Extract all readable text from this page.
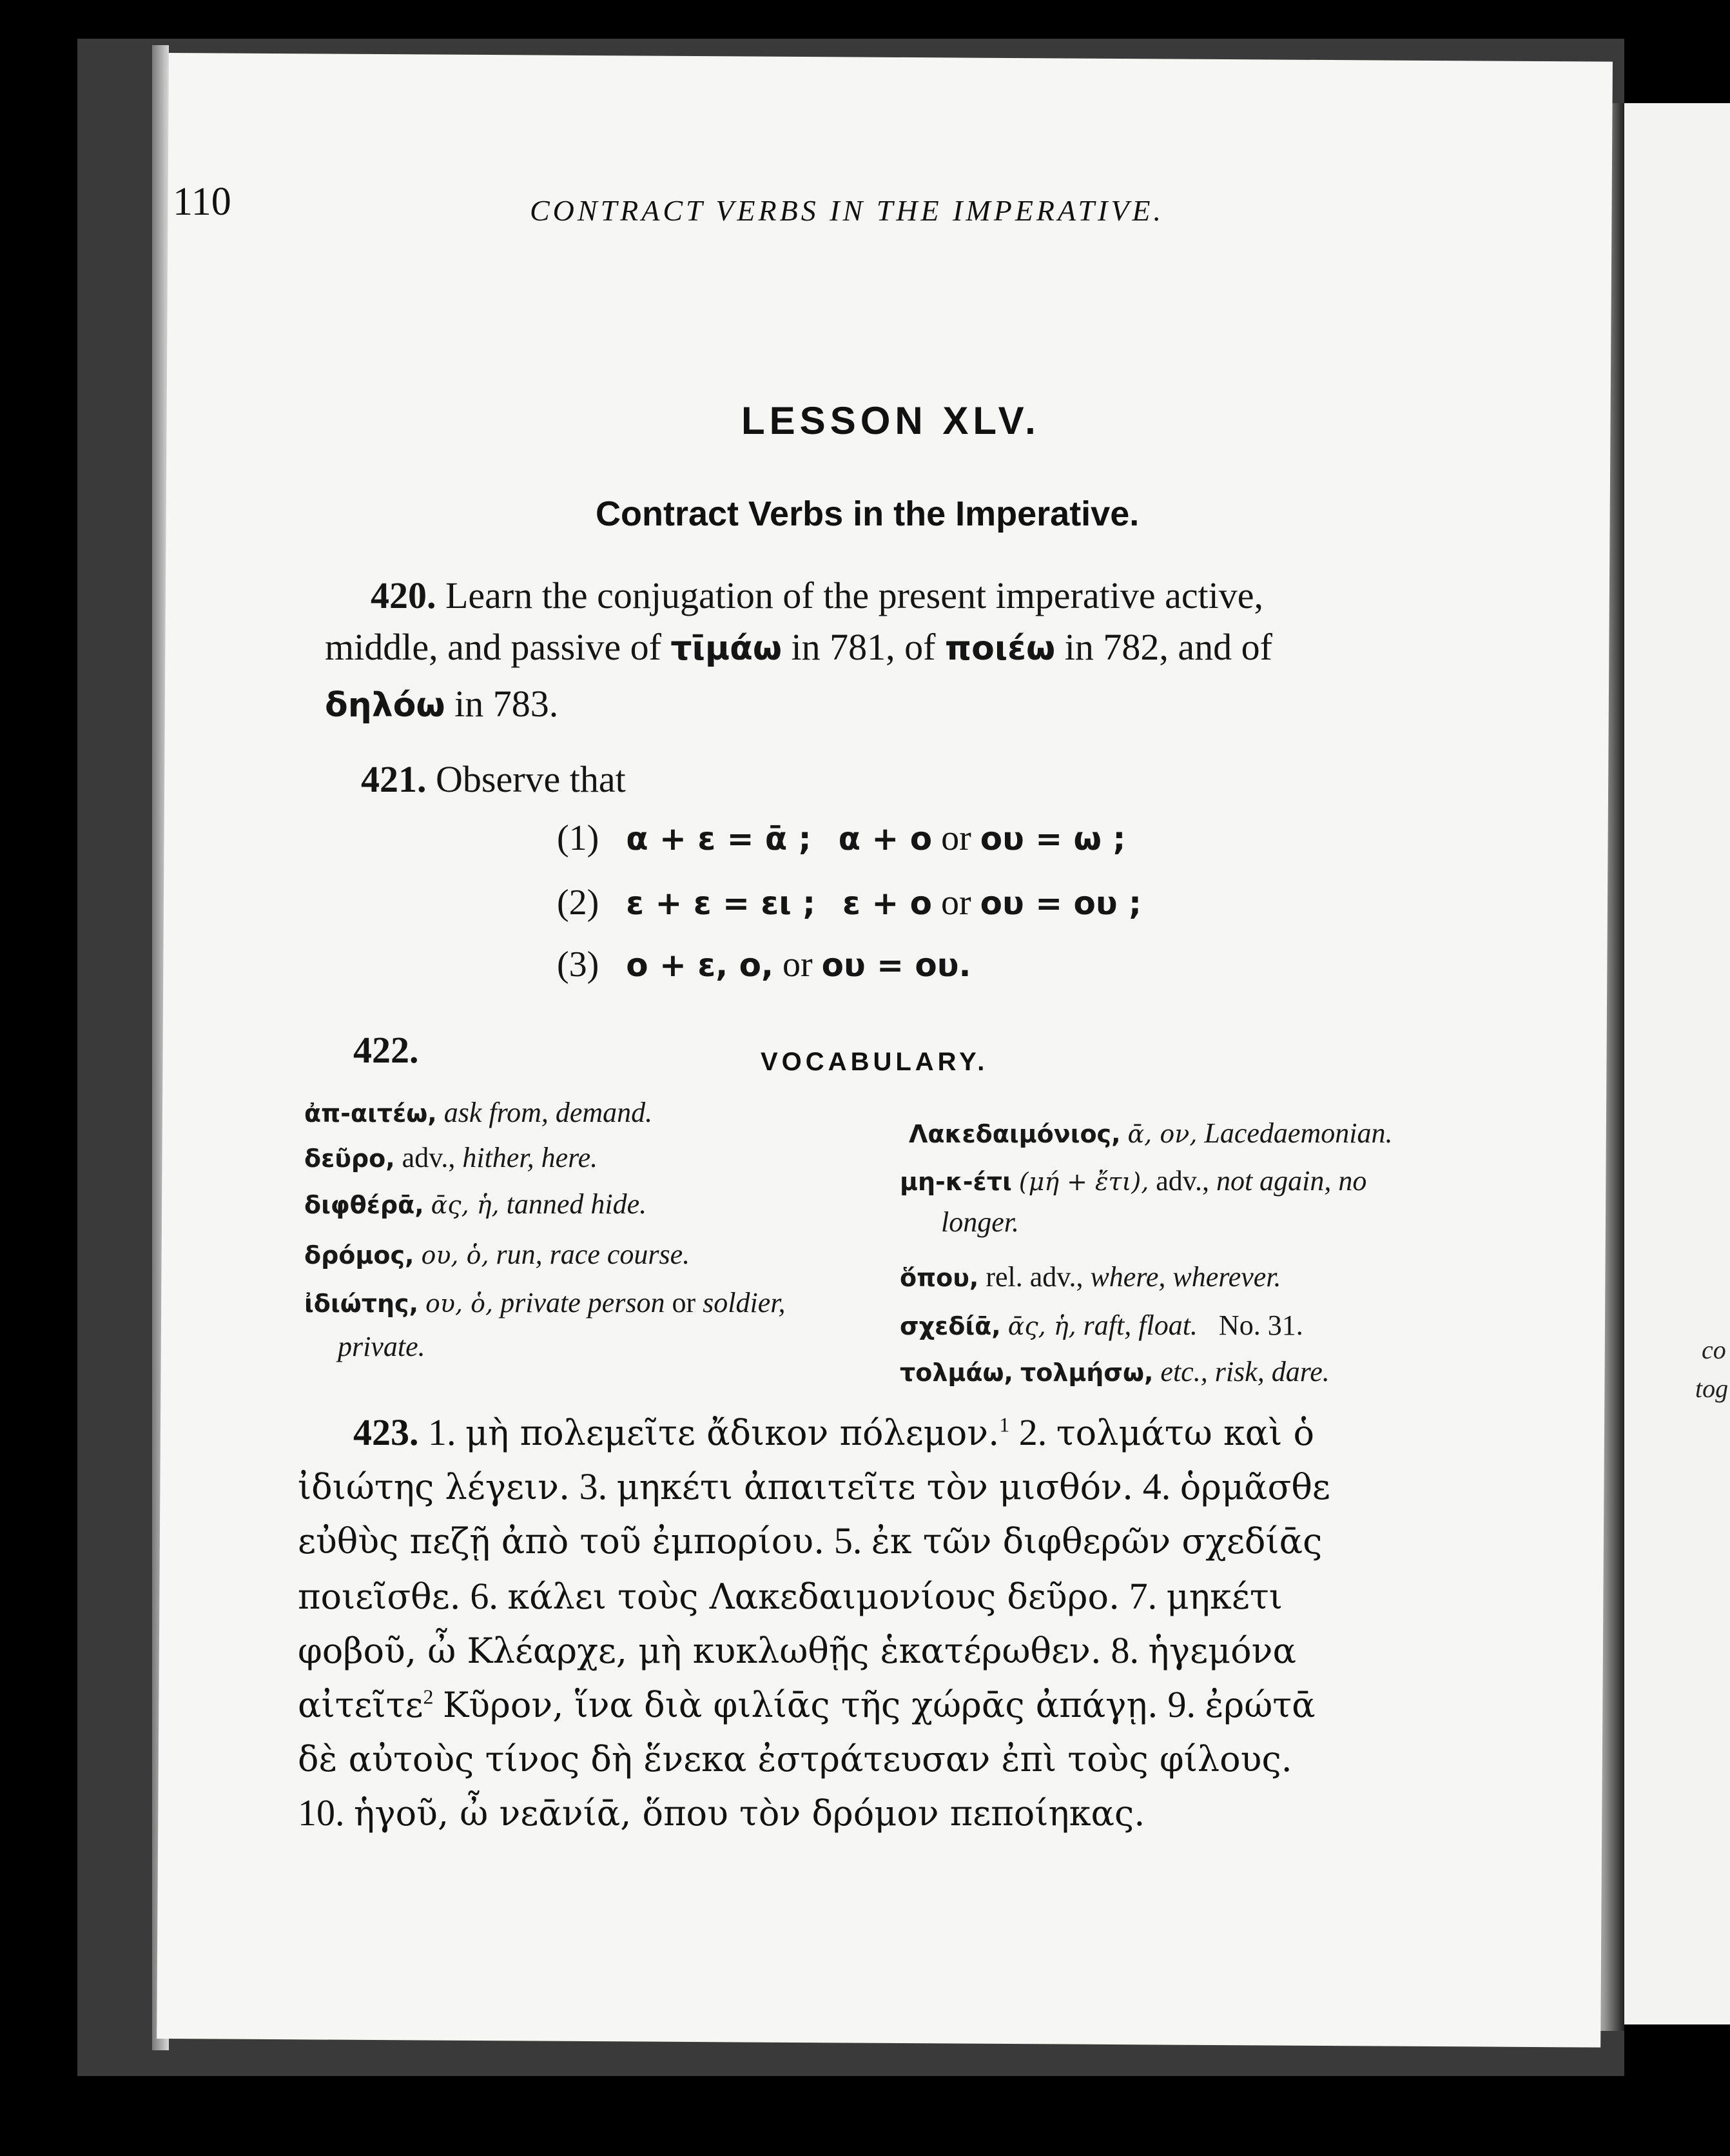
110	CONTRACT VERBS IN THE IMPERATIVE.
LESSON XLV.
Contract Verbs in the Imperative.
420. Learn the conjugation of the present imperative active,
middle, and passive of τῑμάω in 781, of ποιέω in 782, and of
δηλόω in 783.
421. Observe that
(1) α + ε = ᾱ ; α + ο or ου = ω ;
(2) ε + ε = ει ; ε + ο or ου = ου ;
(3) ο + ε, ο, or ου = ου.
422.	VOCABULARY.
ἀπ-αιτέω, ask from, demand.
δεῦρο, adv., hither, here.
διφθέρᾱ, ᾱς, ἡ, tanned hide.
δρόμος, ου, ὁ, run, race course.
ἰδιώτης, ου, ὁ, private person or soldier,
private.
Λακεδαιμόνιος, ᾱ, ον, Lacedaemonian.
μη-κ-έτι (μή + ἔτι), adv., not again, no
longer.
ὅπου, rel. adv., where, wherever.
σχεδίᾱ, ᾱς, ἡ, raft, float. No. 31.
τολμάω, τολμήσω, etc., risk, dare.
423. 1. μὴ πολεμεῖτε ἄδικον πόλεμον.$^1$ 2. τολμάτω καὶ ὁ
ἰδιώτης λέγειν. 3. μηκέτι ἀπαιτεῖτε τὸν μισθόν. 4. ὁρμᾶσθε
εὐθὺς πεζῇ ἀπὸ τοῦ ἐμπορίου. 5. ἐκ τῶν διφθερῶν σχεδίᾱς
ποιεῖσθε. 6. κάλει τοὺς Λακεδαιμονίους δεῦρο. 7. μηκέτι
φοβοῦ, ὦ Κλέαρχε, μὴ κυκλωθῇς ἑκατέρωθεν. 8. ἡγεμόνα
αἰτεῖτε$^2$ Κῦρον, ἵνα διὰ φιλίᾱς τῆς χώρᾱς ἀπάγῃ. 9. ἐρώτᾱ
δὲ αὐτοὺς τίνος δὴ ἕνεκα ἐστράτευσαν ἐπὶ τοὺς φίλους.
10. ἡγοῦ, ὦ νεᾱνίᾱ, ὅπου τὸν δρόμον πεποίηκας.
co
tog
